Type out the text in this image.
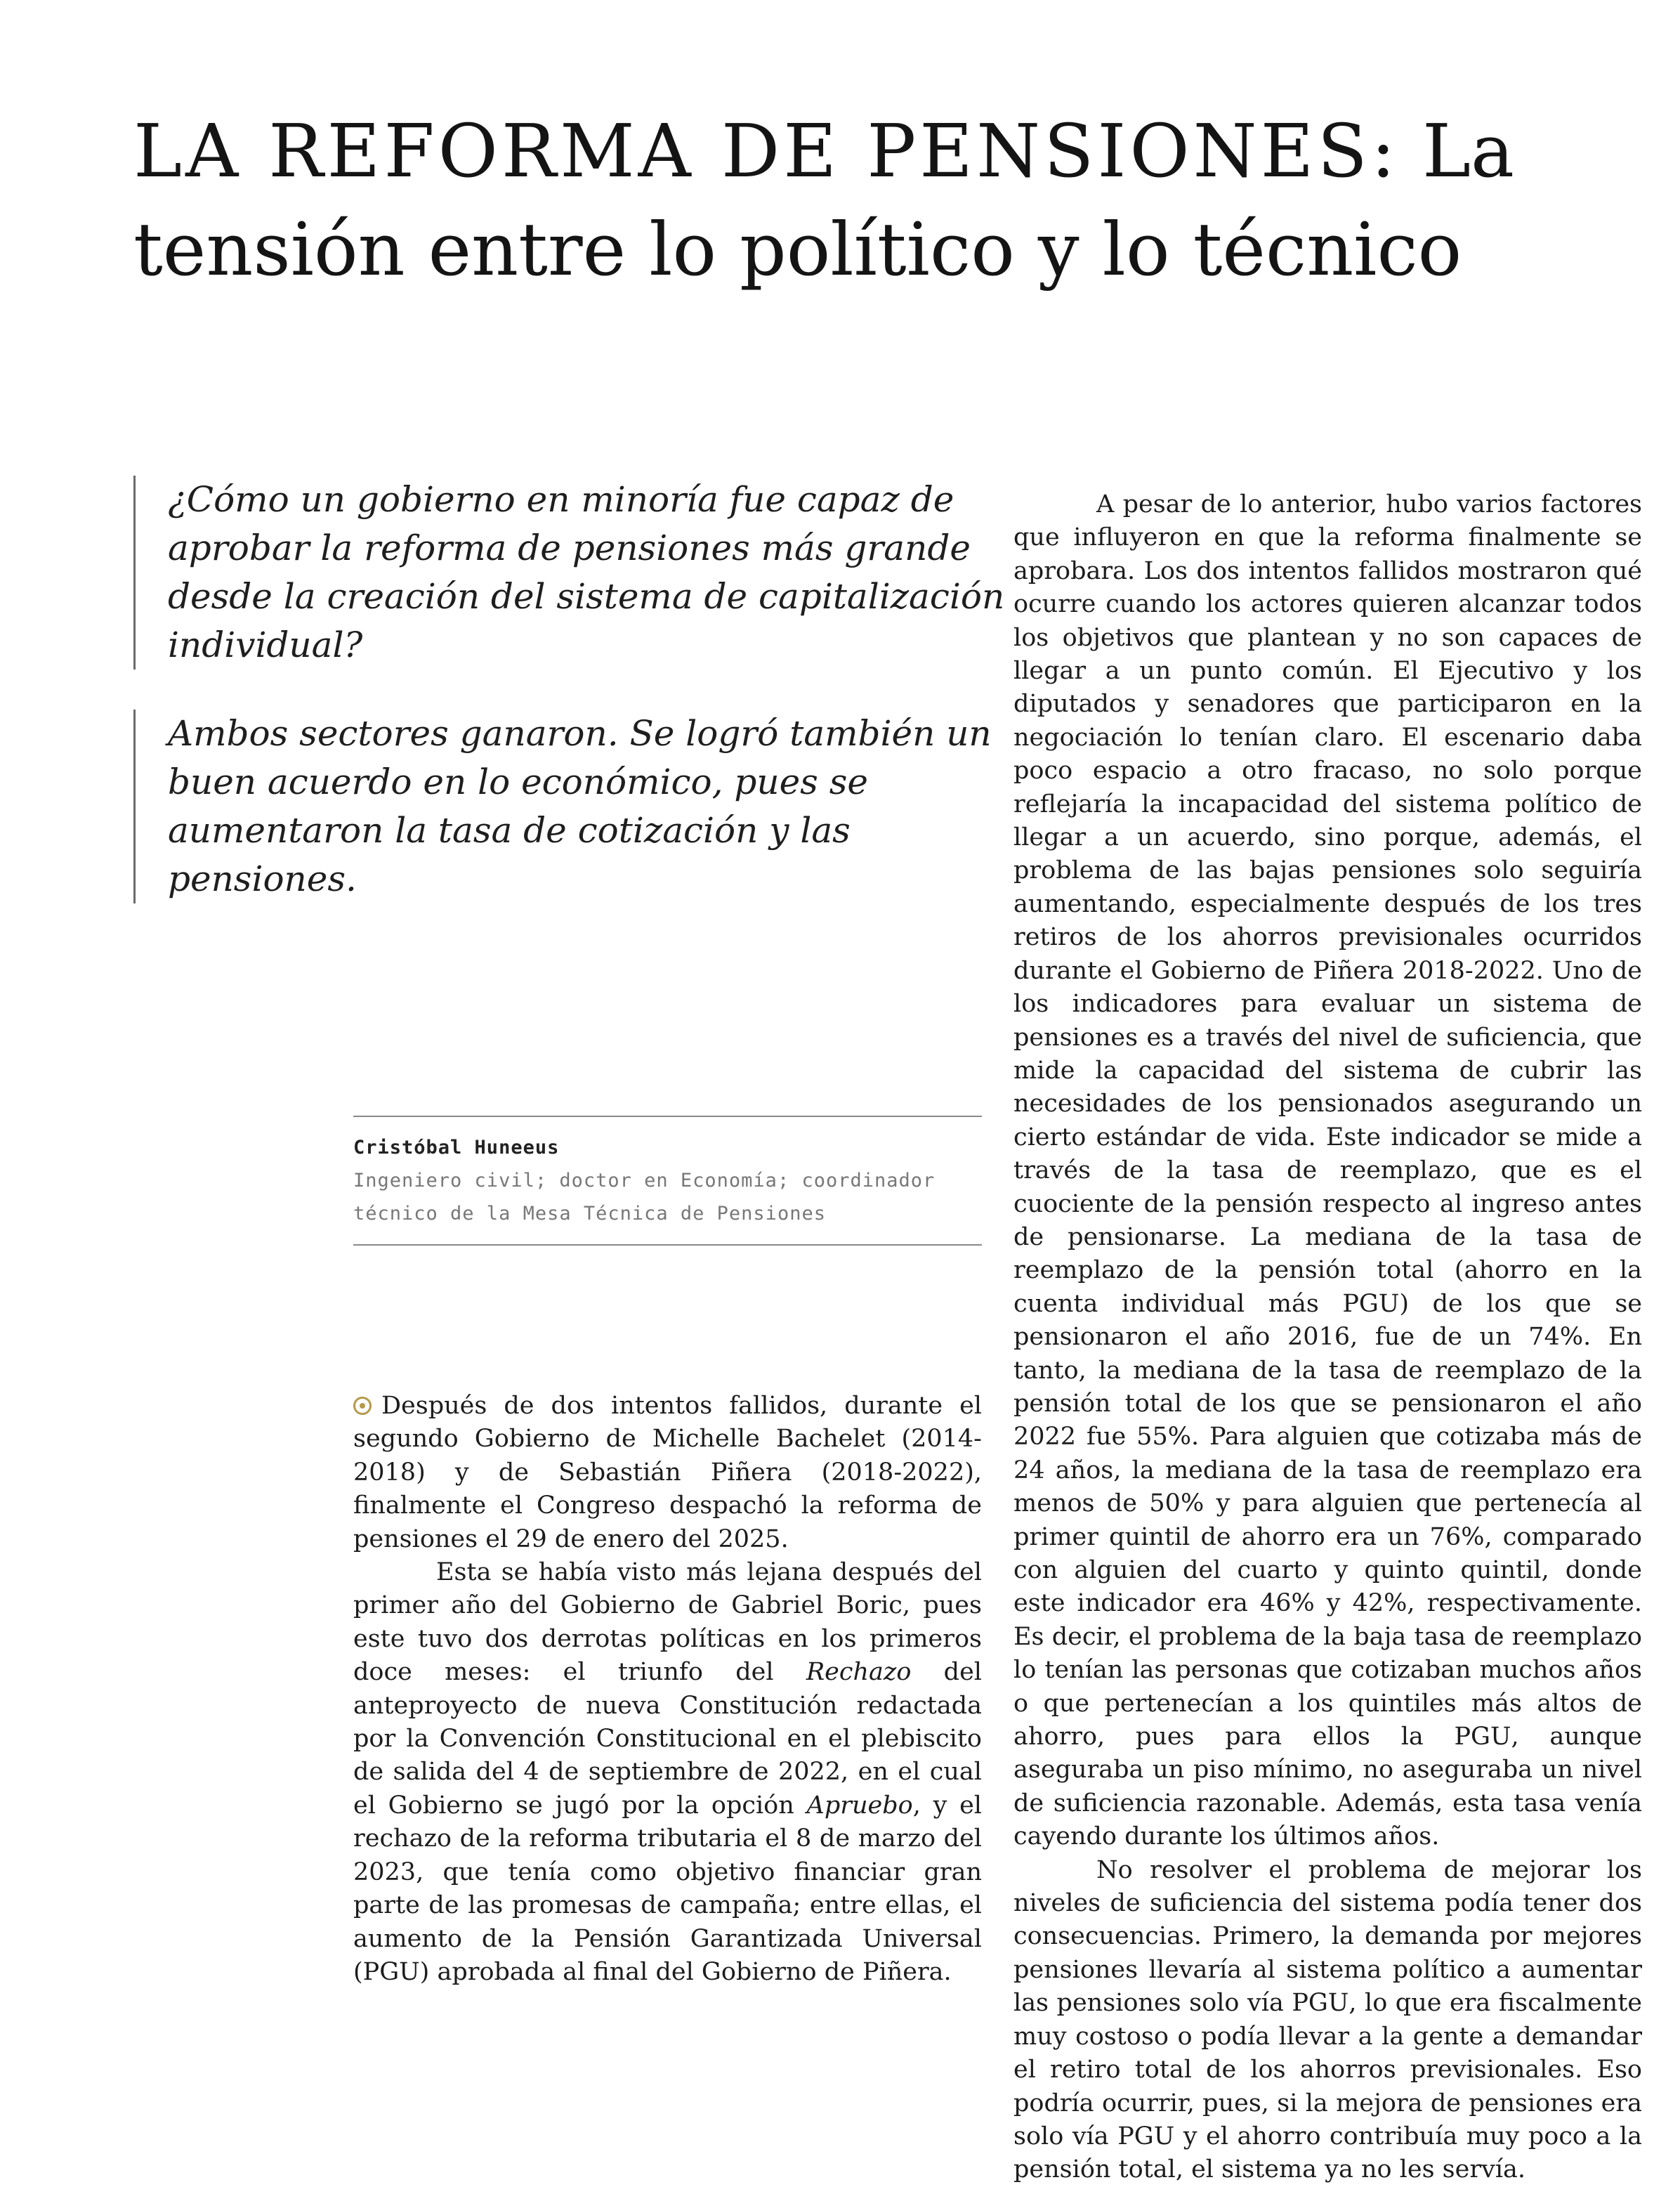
LA REFORMA DE PENSIONES: La tensión entre lo político y lo técnico

¿Cómo un gobierno en minoría fue capaz de aprobar la reforma de pensiones más grande desde la creación del sistema de capitalización individual?

Ambos sectores ganaron. Se logró también un buen acuerdo en lo económico, pues se aumentaron la tasa de cotización y las pensiones.

Cristóbal Huneeus
Ingeniero civil; doctor en Economía; coordinador técnico de la Mesa Técnica de Pensiones

Después de dos intentos fallidos, durante el segundo Gobierno de Michelle Bachelet (2014-2018) y de Sebastián Piñera (2018-2022), finalmente el Congreso despachó la reforma de pensiones el 29 de enero del 2025.

Esta se había visto más lejana después del primer año del Gobierno de Gabriel Boric, pues este tuvo dos derrotas políticas en los primeros doce meses: el triunfo del Rechazo del anteproyecto de nueva Constitución redactada por la Convención Constitucional en el plebiscito de salida del 4 de septiembre de 2022, en el cual el Gobierno se jugó por la opción Apruebo, y el rechazo de la reforma tributaria el 8 de marzo del 2023, que tenía como objetivo financiar gran parte de las promesas de campaña; entre ellas, el aumento de la Pensión Garantizada Universal (PGU) aprobada al final del Gobierno de Piñera.

A pesar de lo anterior, hubo varios factores que influyeron en que la reforma finalmente se aprobara. Los dos intentos fallidos mostraron qué ocurre cuando los actores quieren alcanzar todos los objetivos que plantean y no son capaces de llegar a un punto común. El Ejecutivo y los diputados y senadores que participaron en la negociación lo tenían claro. El escenario daba poco espacio a otro fracaso, no solo porque reflejaría la incapacidad del sistema político de llegar a un acuerdo, sino porque, además, el problema de las bajas pensiones solo seguiría aumentando, especialmente después de los tres retiros de los ahorros previsionales ocurridos durante el Gobierno de Piñera 2018-2022. Uno de los indicadores para evaluar un sistema de pensiones es a través del nivel de suficiencia, que mide la capacidad del sistema de cubrir las necesidades de los pensionados asegurando un cierto estándar de vida. Este indicador se mide a través de la tasa de reemplazo, que es el cuociente de la pensión respecto al ingreso antes de pensionarse. La mediana de la tasa de reemplazo de la pensión total (ahorro en la cuenta individual más PGU) de los que se pensionaron el año 2016, fue de un 74%. En tanto, la mediana de la tasa de reemplazo de la pensión total de los que se pensionaron el año 2022 fue 55%. Para alguien que cotizaba más de 24 años, la mediana de la tasa de reemplazo era menos de 50% y para alguien que pertenecía al primer quintil de ahorro era un 76%, comparado con alguien del cuarto y quinto quintil, donde este indicador era 46% y 42%, respectivamente. Es decir, el problema de la baja tasa de reemplazo lo tenían las personas que cotizaban muchos años o que pertenecían a los quintiles más altos de ahorro, pues para ellos la PGU, aunque aseguraba un piso mínimo, no aseguraba un nivel de suficiencia razonable. Además, esta tasa venía cayendo durante los últimos años.

No resolver el problema de mejorar los niveles de suficiencia del sistema podía tener dos consecuencias. Primero, la demanda por mejores pensiones llevaría al sistema político a aumentar las pensiones solo vía PGU, lo que era fiscalmente muy costoso o podía llevar a la gente a demandar el retiro total de los ahorros previsionales. Eso podría ocurrir, pues, si la mejora de pensiones era solo vía PGU y el ahorro contribuía muy poco a la pensión total, el sistema ya no les servía.
